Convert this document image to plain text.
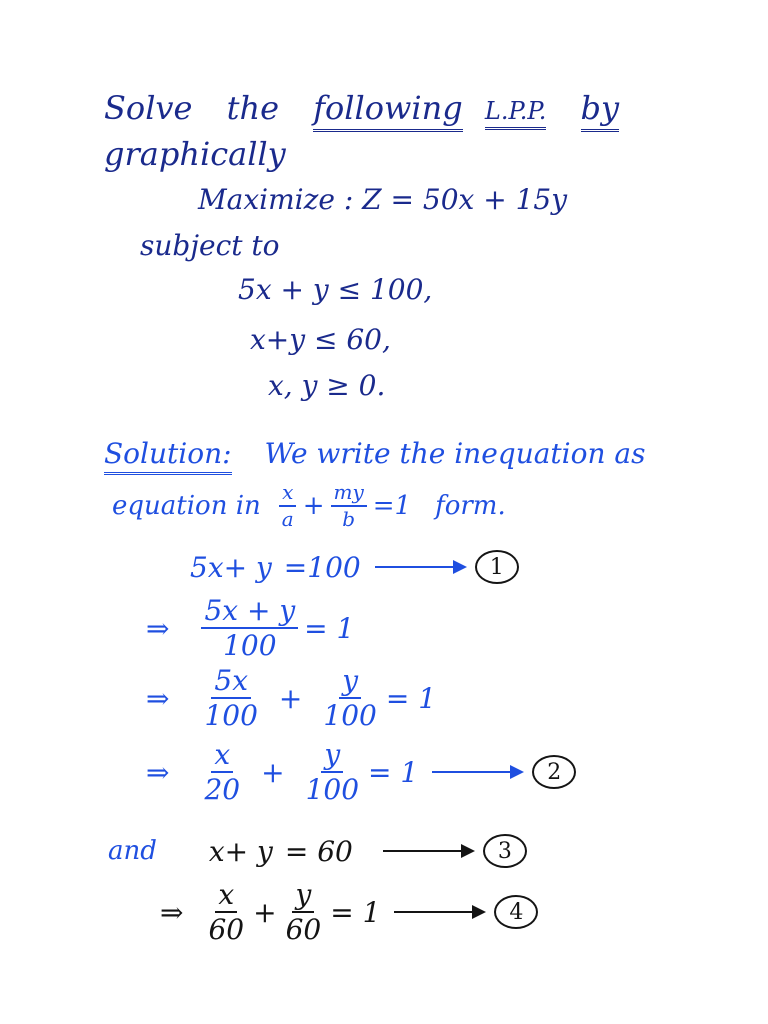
Solve the following L.P.P. by
graphically
Maximize : Z = 50x + 15y
subject to
5x + y ≤ 100,
x+y ≤ 60,
x, y ≥ 0.
Solution: We write the inequation as
equation in $\frac{x}{a} + \frac{my}{b} =1$ form.
5x+ y =100	1
⇒ $\frac{5x + y}{100} = 1$
⇒ $\frac{5x}{100} + \frac{y}{100} = 1$
⇒ $\frac{x}{20} + \frac{y}{100} = 1$	2
and x+ y = 60	3
⇒ $\frac{x}{60} + \frac{y}{60} = 1$	4
